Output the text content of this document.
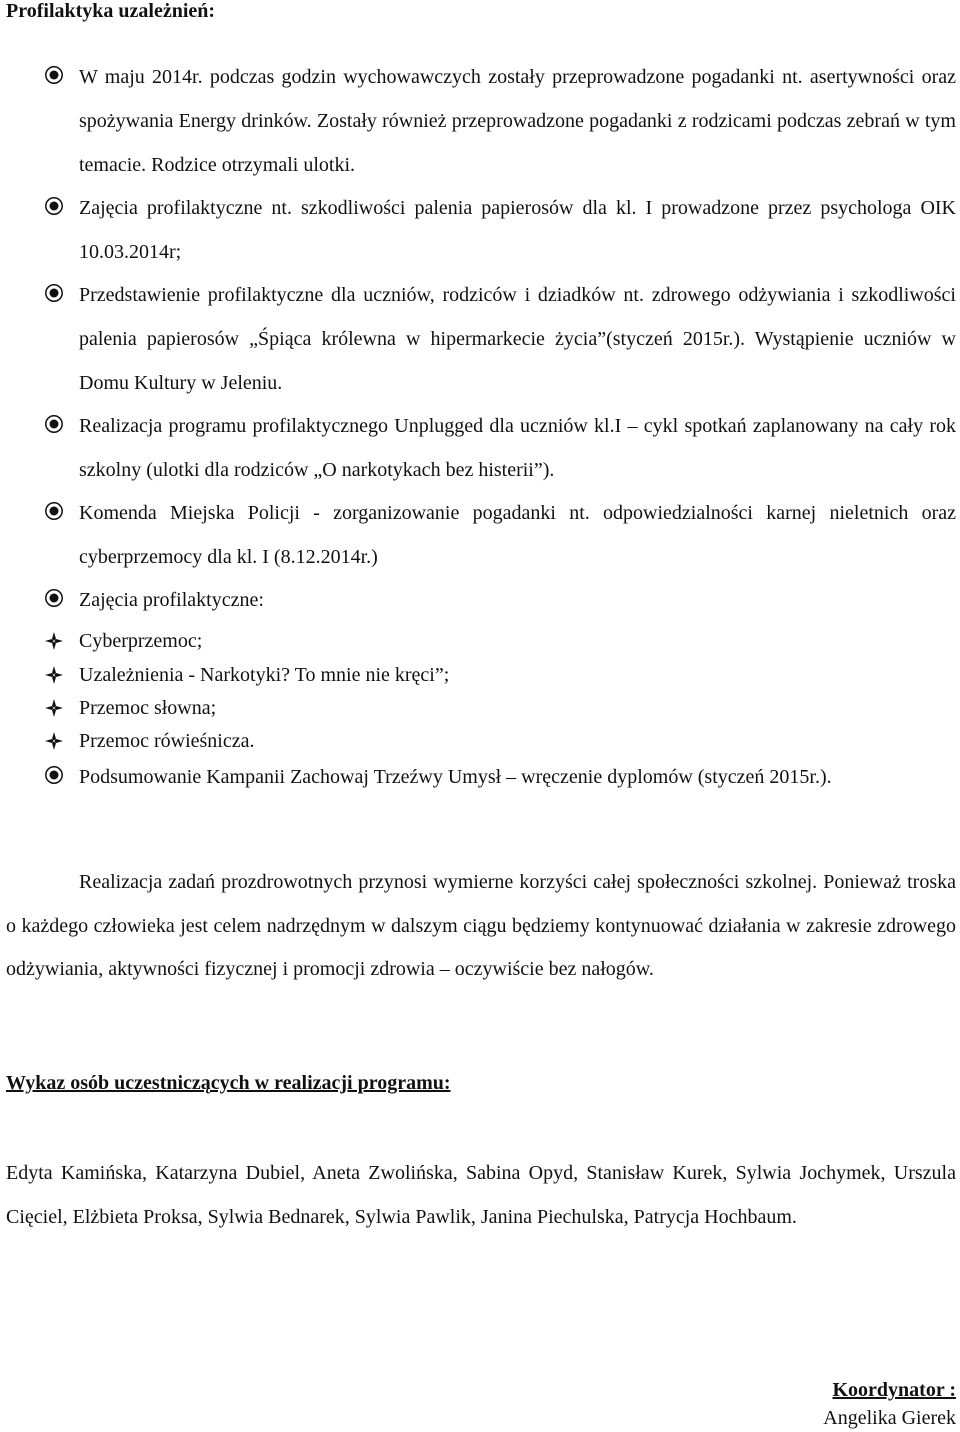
Profilaktyka uzależnień:
W maju 2014r. podczas godzin wychowawczych zostały przeprowadzone pogadanki nt. asertywności oraz spożywania Energy drinków. Zostały również przeprowadzone pogadanki z rodzicami podczas zebrań w tym temacie. Rodzice otrzymali ulotki.
Zajęcia profilaktyczne nt. szkodliwości palenia papierosów dla kl. I prowadzone przez psychologa OIK 10.03.2014r;
Przedstawienie profilaktyczne dla uczniów, rodziców i dziadków nt. zdrowego odżywiania i szkodliwości palenia papierosów „Śpiąca królewna w hipermarkecie życia”(styczeń 2015r.). Wystąpienie uczniów w Domu Kultury w Jeleniu.
Realizacja programu profilaktycznego Unplugged dla uczniów kl.I – cykl spotkań zaplanowany na cały rok szkolny (ulotki dla rodziców „O narkotykach bez histerii”).
Komenda Miejska Policji - zorganizowanie pogadanki nt. odpowiedzialności karnej nieletnich oraz cyberprzemocy dla kl. I (8.12.2014r.)
Zajęcia profilaktyczne:
Cyberprzemoc;
Uzależnienia - Narkotyki? To mnie nie kręci”;
Przemoc słowna;
Przemoc rówieśnicza.
Podsumowanie Kampanii Zachowaj Trzeźwy Umysł – wręczenie dyplomów (styczeń 2015r.).
Realizacja zadań prozdrowotnych przynosi wymierne korzyści całej społeczności szkolnej. Ponieważ troska o każdego człowieka jest celem nadrzędnym w dalszym ciągu będziemy kontynuować działania w zakresie zdrowego odżywiania, aktywności fizycznej i promocji zdrowia – oczywiście bez nałogów.
Wykaz osób uczestniczących w realizacji programu:
Edyta Kamińska, Katarzyna Dubiel, Aneta Zwolińska, Sabina Opyd, Stanisław Kurek, Sylwia Jochymek, Urszula Cięciel, Elżbieta Proksa, Sylwia Bednarek, Sylwia Pawlik, Janina Piechulska, Patrycja Hochbaum.
Koordynator :
Angelika Gierek
